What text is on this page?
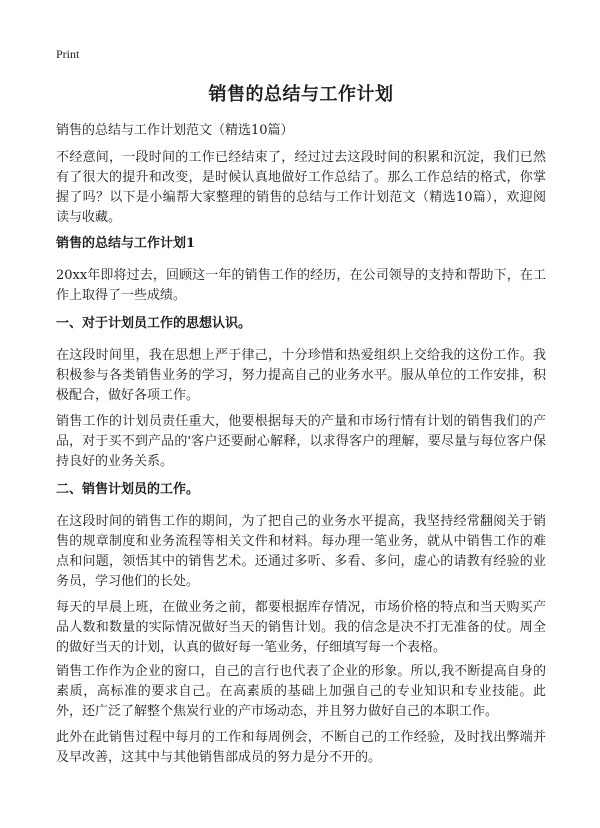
Print
销售的总结与工作计划

销售的总结与工作计划范文（精选10篇）

不经意间，一段时间的工作已经结束了，经过过去这段时间的积累和沉淀，我们已然有了很大的提升和改变，是时候认真地做好工作总结了。那么工作总结的格式，你掌握了吗？以下是小编帮大家整理的销售的总结与工作计划范文（精选10篇），欢迎阅读与收藏。

销售的总结与工作计划1

20xx年即将过去，回顾这一年的销售工作的经历，在公司领导的支持和帮助下，在工作上取得了一些成绩。

一、对于计划员工作的思想认识。

在这段时间里，我在思想上严于律己，十分珍惜和热爱组织上交给我的这份工作。我积极参与各类销售业务的学习，努力提高自己的业务水平。服从单位的工作安排，积极配合，做好各项工作。

销售工作的计划员责任重大，他要根据每天的产量和市场行情有计划的销售我们的产品，对于买不到产品的'客户还要耐心解释，以求得客户的理解，要尽量与每位客户保持良好的业务关系。

二、销售计划员的工作。

在这段时间的销售工作的期间，为了把自己的业务水平提高，我坚持经常翻阅关于销售的规章制度和业务流程等相关文件和材料。每办理一笔业务，就从中销售工作的难点和问题，领悟其中的销售艺术。还通过多听、多看、多问，虚心的请教有经验的业务员，学习他们的长处。

每天的早晨上班，在做业务之前，都要根据库存情况，市场价格的特点和当天购买产品人数和数量的实际情况做好当天的销售计划。我的信念是决不打无准备的仗。周全的做好当天的计划，认真的做好每一笔业务，仔细填写每一个表格。

销售工作作为企业的窗口，自己的言行也代表了企业的形象。所以,我不断提高自身的素质，高标准的要求自己。在高素质的基础上加强自己的专业知识和专业技能。此外，还广泛了解整个焦炭行业的产市场动态，并且努力做好自己的本职工作。

此外在此销售过程中每月的工作和每周例会，不断自己的工作经验，及时找出弊端并及早改善，这其中与其他销售部成员的努力是分不开的。
